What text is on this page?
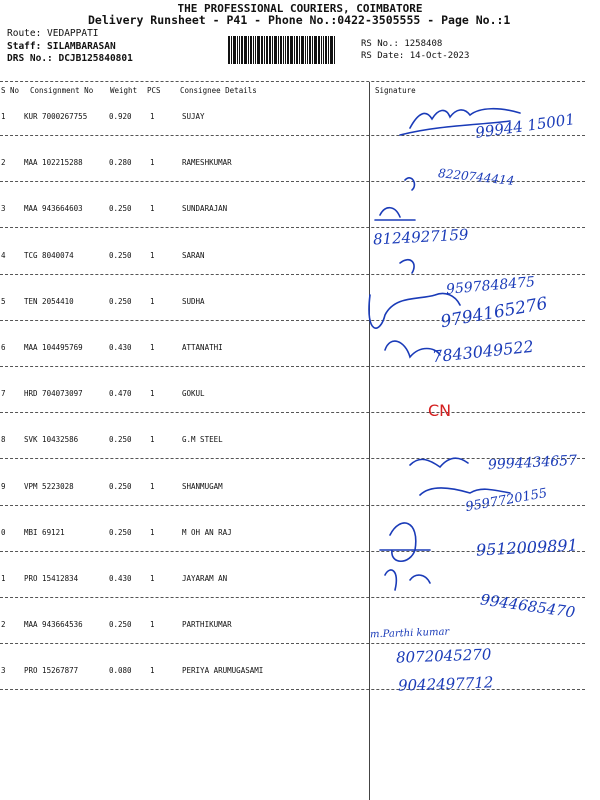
THE PROFESSIONAL COURIERS, COIMBATORE
Delivery Runsheet - P41 - Phone No.:0422-3505555 - Page No.:1
Route: VEDAPPATI
Staff: SILAMBARASAN
DRS No.: DCJB125840801
RS No.: 1258408
RS Date: 14-Oct-2023
S No Consignment No Weight PCS	Consignee Details	Signature
1 KUR 7000267755	0.920 1	SUJAY
2 MAA 102215288	0.280 1	RAMESHKUMAR
3 MAA 943664603	0.250 1	SUNDARAJAN
4 TCG 8040074	0.250 1	SARAN
5 TEN 2054410	0.250 1	SUDHA
6 MAA 104495769	0.430 1	ATTANATHI
7 HRD 704073097	0.470 1	GOKUL
8 SVK 10432586	0.250 1	G.M STEEL
9 VPM 5223028	0.250 1	SHANMUGAM
0 MBI 69121	0.250 1	M OH AN RAJ
1 PRO 15412834	0.430 1	JAYARAM AN
2 MAA 943664536	0.250 1	PARTHIKUMAR
3 PRO 15267877	0.080 1	PERIYA ARUMUGASAMI
99944 15001
8220744414
8124927159
9597848475
9794165276
7843049522
CN
9994434657
9597720155
9512009891
9944685470
8072045270
9042497712
m.Parthi kumar
